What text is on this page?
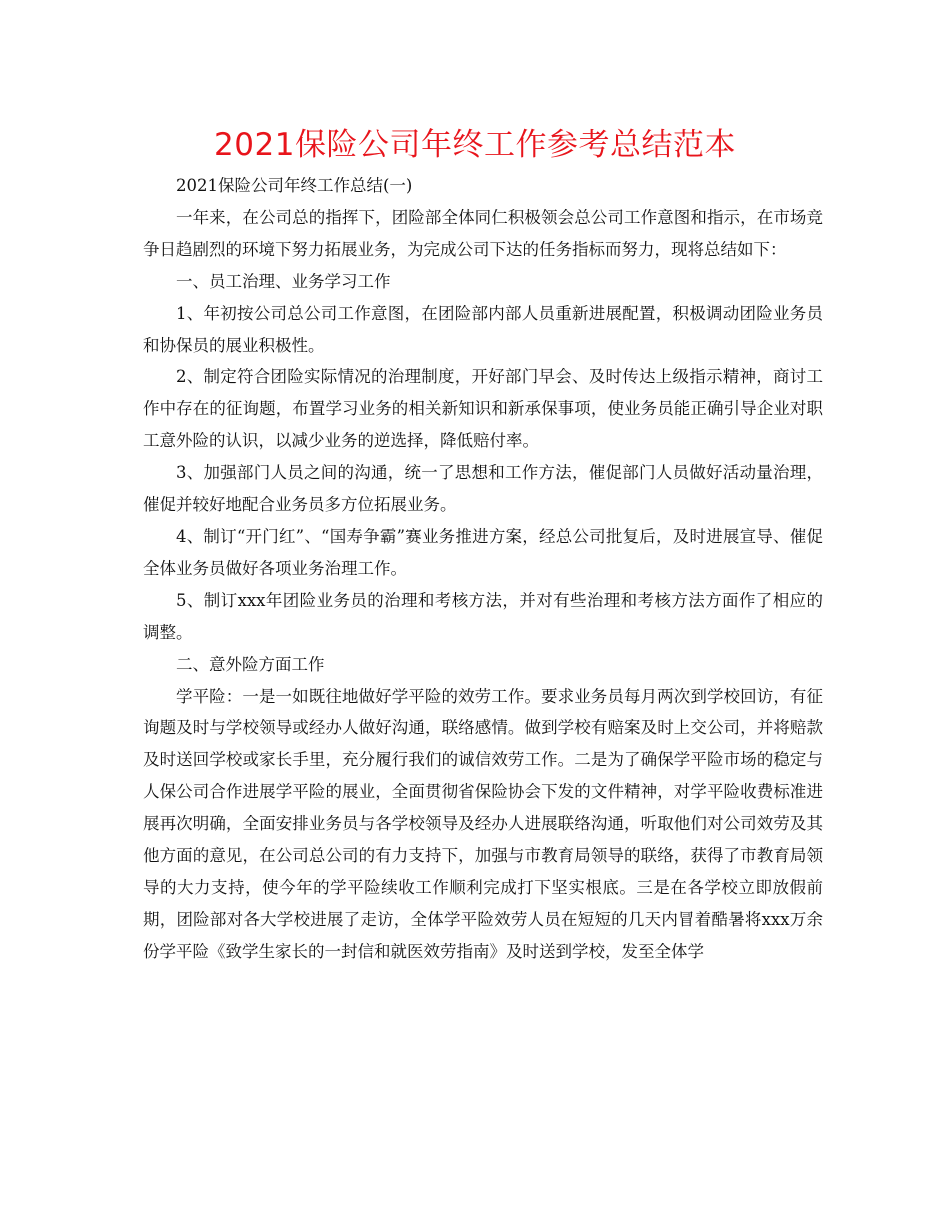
2021保险公司年终工作参考总结范本

2021保险公司年终工作总结(一)

一年来，在公司总的指挥下，团险部全体同仁积极领会总公司工作意图和指示，在市场竞争日趋剧烈的环境下努力拓展业务，为完成公司下达的任务指标而努力，现将总结如下：

一、员工治理、业务学习工作

1、年初按公司总公司工作意图，在团险部内部人员重新进展配置，积极调动团险业务员和协保员的展业积极性。

2、制定符合团险实际情况的治理制度，开好部门早会、及时传达上级指示精神，商讨工作中存在的征询题，布置学习业务的相关新知识和新承保事项，使业务员能正确引导企业对职工意外险的认识，以减少业务的逆选择，降低赔付率。

3、加强部门人员之间的沟通，统一了思想和工作方法，催促部门人员做好活动量治理，催促并较好地配合业务员多方位拓展业务。

4、制订“开门红”、“国寿争霸”赛业务推进方案，经总公司批复后，及时进展宣导、催促全体业务员做好各项业务治理工作。

5、制订xxx年团险业务员的治理和考核方法，并对有些治理和考核方法方面作了相应的调整。

二、意外险方面工作

学平险：一是一如既往地做好学平险的效劳工作。要求业务员每月两次到学校回访，有征询题及时与学校领导或经办人做好沟通，联络感情。做到学校有赔案及时上交公司，并将赔款及时送回学校或家长手里，充分履行我们的诚信效劳工作。二是为了确保学平险市场的稳定与人保公司合作进展学平险的展业，全面贯彻省保险协会下发的文件精神，对学平险收费标准进展再次明确，全面安排业务员与各学校领导及经办人进展联络沟通，听取他们对公司效劳及其他方面的意见，在公司总公司的有力支持下，加强与市教育局领导的联络，获得了市教育局领导的大力支持，使今年的学平险续收工作顺利完成打下坚实根底。三是在各学校立即放假前期，团险部对各大学校进展了走访，全体学平险效劳人员在短短的几天内冒着酷暑将xxx万余份学平险《致学生家长的一封信和就医效劳指南》及时送到学校，发至全体学
